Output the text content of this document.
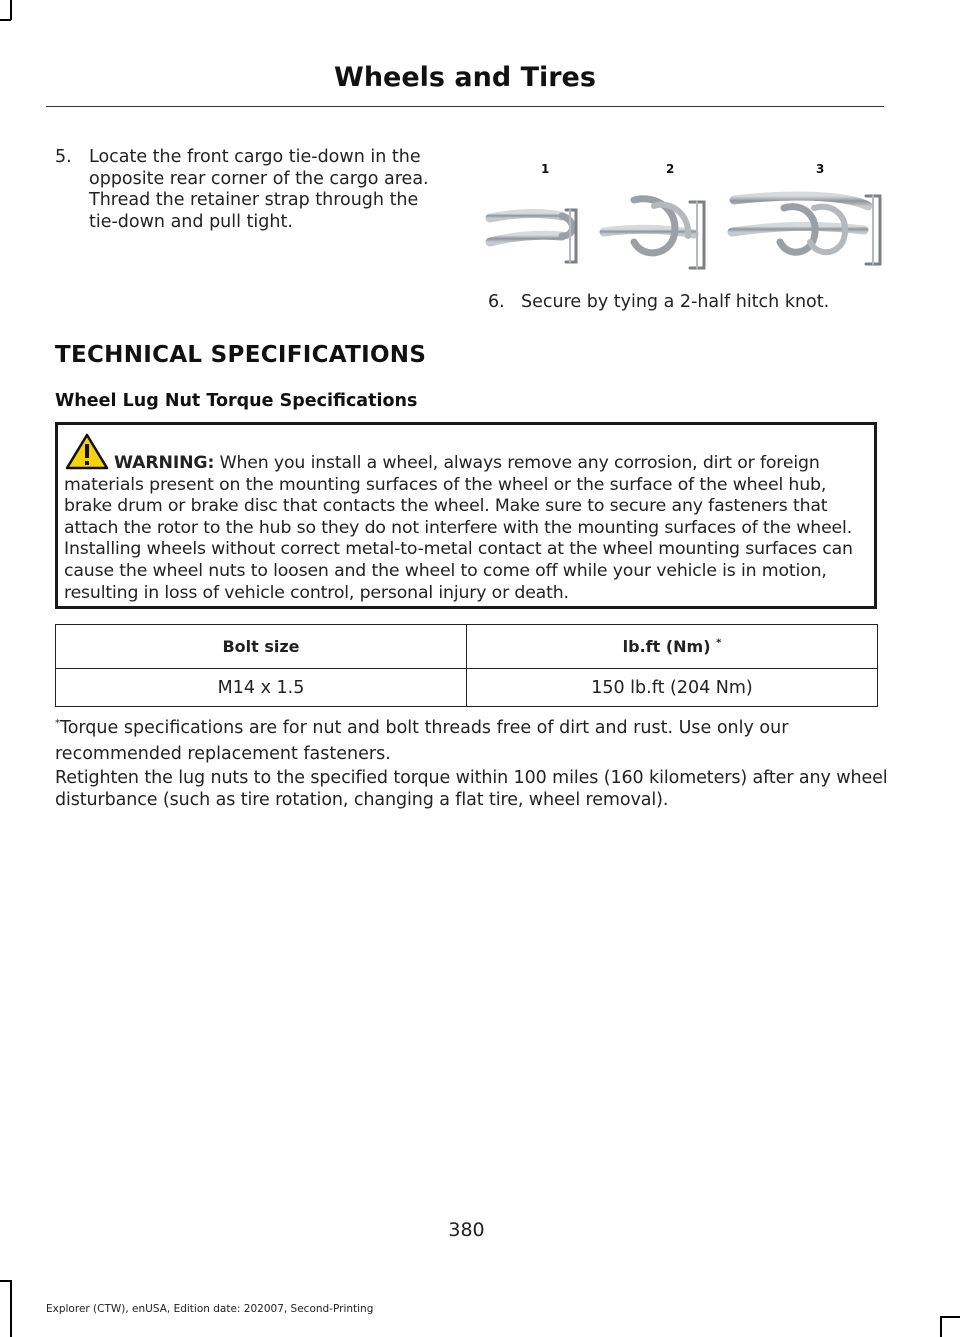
Wheels and Tires
5. Locate the front cargo tie-down in the opposite rear corner of the cargo area. Thread the retainer strap through the tie-down and pull tight.
1	2	3
6. Secure by tying a 2-half hitch knot.
TECHNICAL SPECIFICATIONS
Wheel Lug Nut Torque Specifications
WARNING: When you install a wheel, always remove any corrosion, dirt or foreign materials present on the mounting surfaces of the wheel or the surface of the wheel hub, brake drum or brake disc that contacts the wheel. Make sure to secure any fasteners that attach the rotor to the hub so they do not interfere with the mounting surfaces of the wheel. Installing wheels without correct metal-to-metal contact at the wheel mounting surfaces can cause the wheel nuts to loosen and the wheel to come off while your vehicle is in motion, resulting in loss of vehicle control, personal injury or death.
Bolt size	lb.ft (Nm) *
M14 x 1.5	150 lb.ft (204 Nm)
*Torque specifications are for nut and bolt threads free of dirt and rust. Use only our recommended replacement fasteners.
Retighten the lug nuts to the specified torque within 100 miles (160 kilometers) after any wheel disturbance (such as tire rotation, changing a flat tire, wheel removal).
380
Explorer (CTW), enUSA, Edition date: 202007, Second-Printing
